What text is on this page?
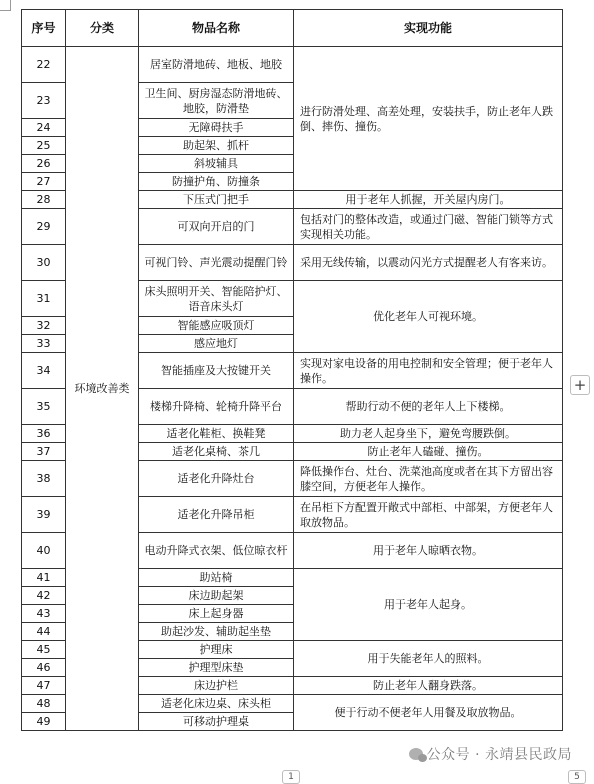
序号	分类	物品名称	实现功能
22	环境改善类	居室防滑地砖、地板、地胶	进行防滑处理、高差处理，安装扶手，防止老年人跌倒、摔伤、撞伤。
23		卫生间、厨房湿态防滑地砖、地胶，防滑垫	
24		无障碍扶手	
25		助起架、抓杆	
26		斜坡辅具	
27		防撞护角、防撞条	
28		下压式门把手	用于老年人抓握，开关屋内房门。
29		可双向开启的门	包括对门的整体改造，或通过门磁、智能门锁等方式实现相关功能。
30		可视门铃、声光震动提醒门铃	采用无线传输，以震动闪光方式提醒老人有客来访。
31		床头照明开关、智能陪护灯、语音床头灯	优化老年人可视环境。
32		智能感应吸顶灯	
33		感应地灯	
34		智能插座及大按键开关	实现对家电设备的用电控制和安全管理；便于老年人操作。
35		楼梯升降椅、轮椅升降平台	帮助行动不便的老年人上下楼梯。
36		适老化鞋柜、换鞋凳	助力老人起身坐下，避免弯腰跌倒。
37		适老化桌椅、茶几	防止老年人磕碰、撞伤。
38		适老化升降灶台	降低操作台、灶台、洗菜池高度或者在其下方留出容膝空间，方便老年人操作。
39		适老化升降吊柜	在吊柜下方配置开敞式中部柜、中部架，方便老年人取放物品。
40		电动升降式衣架、低位晾衣杆	用于老年人晾晒衣物。
41		助站椅	用于老年人起身。
42		床边助起架	
43		床上起身器	
44		助起沙发、辅助起坐垫	
45		护理床	用于失能老年人的照料。
46		护理型床垫	
47		床边护栏	防止老年人翻身跌落。
48		适老化床边桌、床头柜	便于行动不便老年人用餐及取放物品。
49		可移动护理桌	
+
1	5
公众号 · 永靖县民政局
